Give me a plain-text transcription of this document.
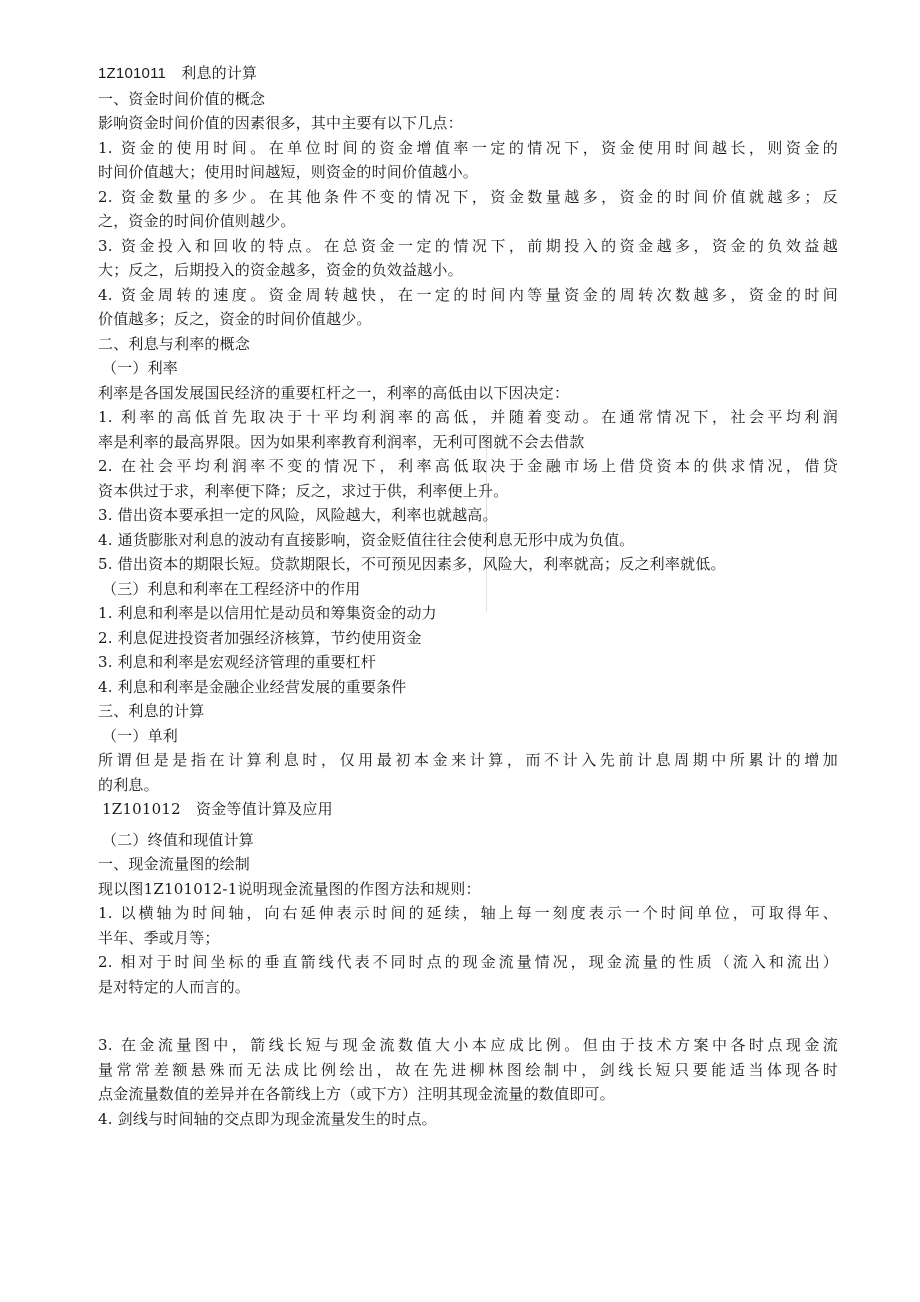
1Z101011　利息的计算
一、资金时间价值的概念
影响资金时间价值的因素很多，其中主要有以下几点：
1. 资金的使用时间。在单位时间的资金增值率一定的情况下，资金使用时间越长，则资金的
时间价值越大；使用时间越短，则资金的时间价值越小。
2. 资金数量的多少。在其他条件不变的情况下，资金数量越多，资金的时间价值就越多；反
之，资金的时间价值则越少。
3. 资金投入和回收的特点。在总资金一定的情况下，前期投入的资金越多，资金的负效益越
大；反之，后期投入的资金越多，资金的负效益越小。
4. 资金周转的速度。资金周转越快，在一定的时间内等量资金的周转次数越多，资金的时间
价值越多；反之，资金的时间价值越少。
二、利息与利率的概念
（一）利率
利率是各国发展国民经济的重要杠杆之一，利率的高低由以下因决定：
1. 利率的高低首先取决于十平均利润率的高低，并随着变动。在通常情况下，社会平均利润
率是利率的最高界限。因为如果利率教育利润率，无利可图就不会去借款
2. 在社会平均利润率不变的情况下，利率高低取决于金融市场上借贷资本的供求情况，借贷
资本供过于求，利率便下降；反之，求过于供，利率便上升。
3. 借出资本要承担一定的风险，风险越大，利率也就越高。
4. 通货膨胀对利息的波动有直接影响，资金贬值往往会使利息无形中成为负值。
5. 借出资本的期限长短。贷款期限长，不可预见因素多，风险大，利率就高；反之利率就低。
（三）利息和利率在工程经济中的作用
1. 利息和利率是以信用忙是动员和筹集资金的动力
2. 利息促进投资者加强经济核算，节约使用资金
3. 利息和利率是宏观经济管理的重要杠杆
4. 利息和利率是金融企业经营发展的重要条件
三、利息的计算
（一）单利
所谓但是是指在计算利息时，仅用最初本金来计算，而不计入先前计息周期中所累计的增加
的利息。
1Z101012　资金等值计算及应用
（二）终值和现值计算
一、现金流量图的绘制
现以图1Z101012-1说明现金流量图的作图方法和规则：
1. 以横轴为时间轴，向右延伸表示时间的延续，轴上每一刻度表示一个时间单位，可取得年、
半年、季或月等；
2. 相对于时间坐标的垂直箭线代表不同时点的现金流量情况，现金流量的性质（流入和流出）
是对特定的人而言的。
3. 在金流量图中，箭线长短与现金流数值大小本应成比例。但由于技术方案中各时点现金流
量常常差额悬殊而无法成比例绘出，故在先进柳林图绘制中，剑线长短只要能适当体现各时
点金流量数值的差异并在各箭线上方（或下方）注明其现金流量的数值即可。
4. 剑线与时间轴的交点即为现金流量发生的时点。
